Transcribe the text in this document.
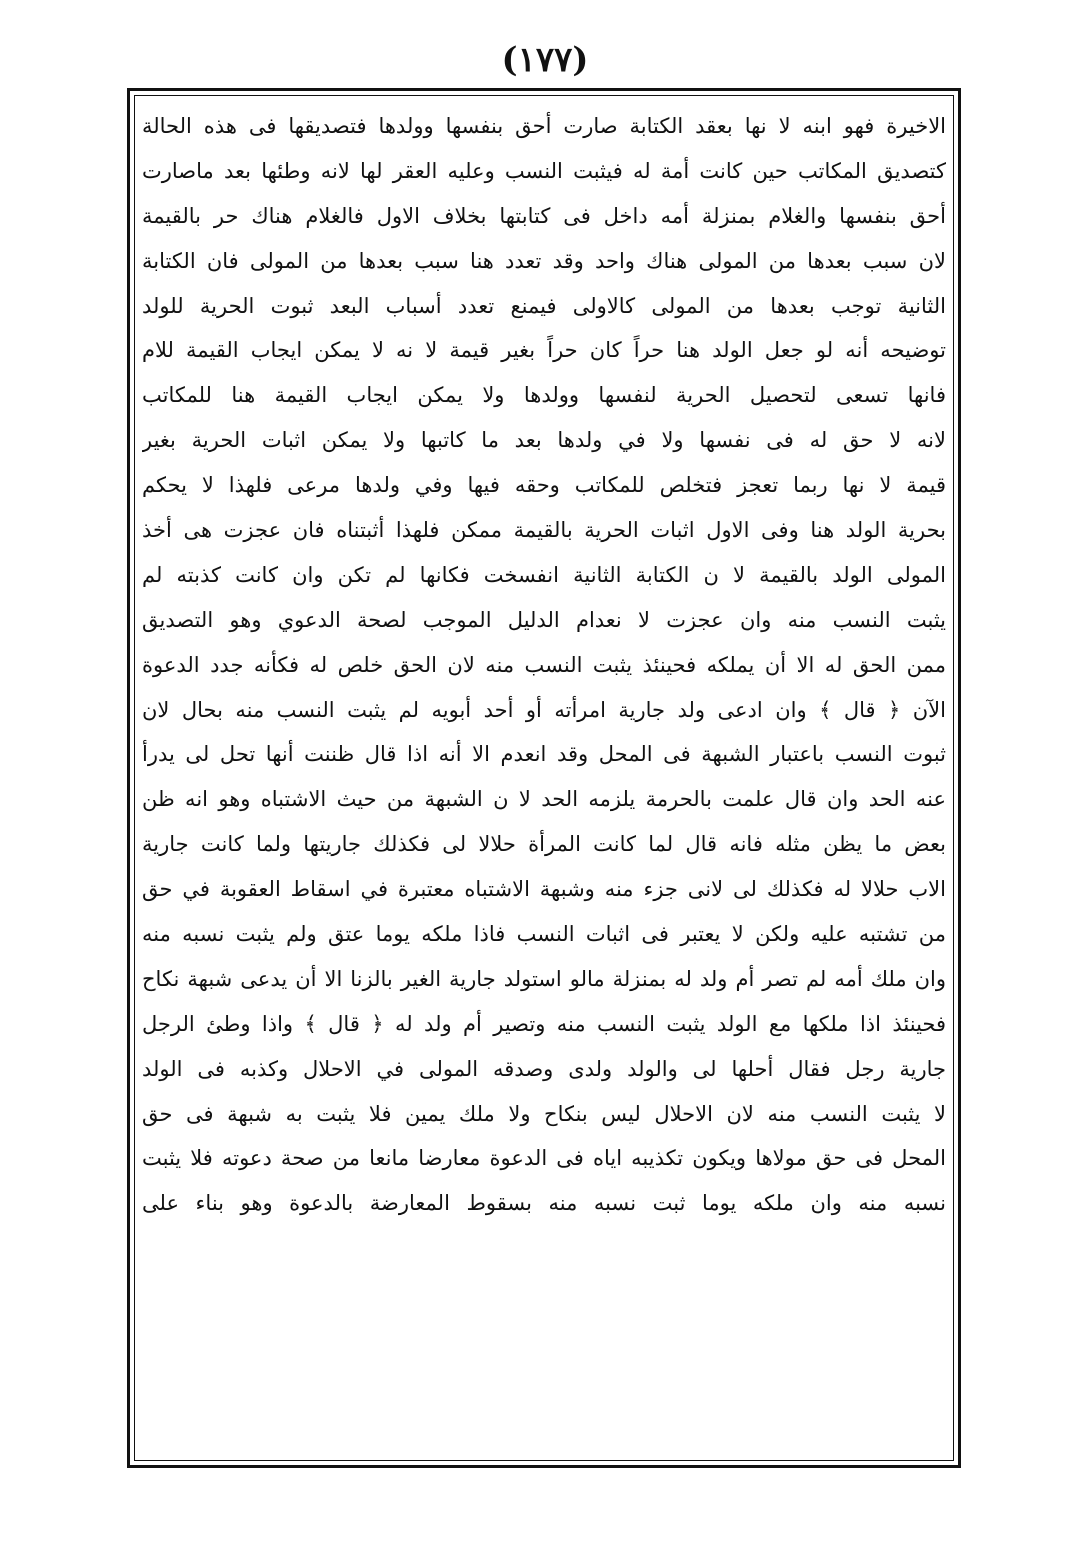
(١٧٧)
الاخيرة فهو ابنه لا نها بعقد الكتابة صارت أحق بنفسها وولدها فتصديقها فى هذه الحالة
كتصديق المكاتب حين كانت أمة له فيثبت النسب وعليه العقر لها لانه وطئها بعد ماصارت
أحق بنفسها والغلام بمنزلة أمه داخل فى كتابتها بخلاف الاول فالغلام هناك حر بالقيمة
لان سبب بعدها من المولى هناك واحد وقد تعدد هنا سبب بعدها من المولى فان الكتابة
الثانية توجب بعدها من المولى كالاولى فيمنع تعدد أسباب البعد ثبوت الحرية للولد
توضيحه أنه لو جعل الولد هنا حراً كان حراً بغير قيمة لا نه لا يمكن ايجاب القيمة للام
فانها تسعى لتحصيل الحرية لنفسها وولدها ولا يمكن ايجاب القيمة هنا للمكاتب
لانه لا حق له فى نفسها ولا في ولدها بعد ما كاتبها ولا يمكن اثبات الحرية بغير
قيمة لا نها ربما تعجز فتخلص للمكاتب وحقه فيها وفي ولدها مرعى فلهذا لا يحكم
بحرية الولد هنا وفى الاول اثبات الحرية بالقيمة ممكن فلهذا أثبتناه فان عجزت هى أخذ
المولى الولد بالقيمة لا ن الكتابة الثانية انفسخت فكانها لم تكن وان كانت كذبته لم
يثبت النسب منه وان عجزت لا نعدام الدليل الموجب لصحة الدعوي وهو التصديق
ممن الحق له الا أن يملكه فحينئذ يثبت النسب منه لان الحق خلص له فكأنه جدد الدعوة
الآن ﴿ قال ﴾ وان ادعى ولد جارية امرأته أو أحد أبويه لم يثبت النسب منه بحال لان
ثبوت النسب باعتبار الشبهة فى المحل وقد انعدم الا أنه اذا قال ظننت أنها تحل لى يدرأ
عنه الحد وان قال علمت بالحرمة يلزمه الحد لا ن الشبهة من حيث الاشتباه وهو انه ظن
بعض ما يظن مثله فانه قال لما كانت المرأة حلالا لى فكذلك جاريتها ولما كانت جارية
الاب حلالا له فكذلك لى لانى جزء منه وشبهة الاشتباه معتبرة في اسقاط العقوبة في حق
من تشتبه عليه ولكن لا يعتبر فى اثبات النسب فاذا ملكه يوما عتق ولم يثبت نسبه منه
وان ملك أمه لم تصر أم ولد له بمنزلة مالو استولد جارية الغير بالزنا الا أن يدعى شبهة نكاح
فحينئذ اذا ملكها مع الولد يثبت النسب منه وتصير أم ولد له ﴿ قال ﴾ واذا وطئ الرجل
جارية رجل فقال أحلها لى والولد ولدى وصدقه المولى في الاحلال وكذبه فى الولد
لا يثبت النسب منه لان الاحلال ليس بنكاح ولا ملك يمين فلا يثبت به شبهة فى حق
المحل فى حق مولاها ويكون تكذيبه اياه فى الدعوة معارضا مانعا من صحة دعوته فلا يثبت
نسبه منه وان ملكه يوما ثبت نسبه منه بسقوط المعارضة بالدعوة وهو بناء على
